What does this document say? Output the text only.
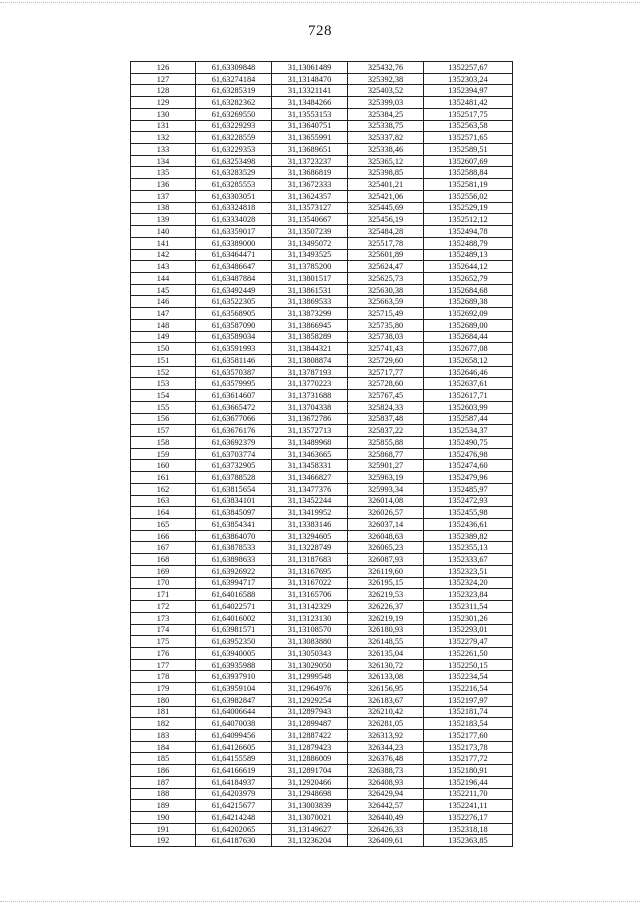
728
126	61,63309848	31,13061489	325432,76	1352257,67
127	61,63274184	31,13148470	325392,38	1352303,24
128	61,63285319	31,13321141	325403,52	1352394,97
129	61,63282362	31,13484266	325399,03	1352481,42
130	61,63269550	31,13553153	325384,25	1352517,75
131	61,63229293	31,13640751	325338,75	1352563,58
132	61,63228559	31,13655991	325337,82	1352571,65
133	61,63229353	31,13689651	325338,46	1352589,51
134	61,63253498	31,13723237	325365,12	1352607,69
135	61,63283529	31,13686819	325398,85	1352588,84
136	61,63285553	31,13672333	325401,21	1352581,19
137	61,63303051	31,13624357	325421,06	1352556,02
138	61,63324818	31,13573127	325445,69	1352529,19
139	61,63334028	31,13540667	325456,19	1352512,12
140	61,63359017	31,13507239	325484,28	1352494,78
141	61,63389000	31,13495072	325517,78	1352488,79
142	61,63464471	31,13493525	325601,89	1352489,13
143	61,63486647	31,13785200	325624,47	1352644,12
144	61,63487884	31,13801517	325625,73	1352652,79
145	61,63492449	31,13861531	325630,38	1352684,68
146	61,63522305	31,13869533	325663,59	1352689,38
147	61,63568905	31,13873299	325715,49	1352692,09
148	61,63587090	31,13866945	325735,80	1352689,00
149	61,63589034	31,13858289	325738,03	1352684,44
150	61,63591993	31,13844321	325741,43	1352677,08
151	61,63581146	31,13808874	325729,60	1352658,12
152	61,63570387	31,13787193	325717,77	1352646,46
153	61,63579995	31,13770223	325728,60	1352637,61
154	61,63614607	31,13731688	325767,45	1352617,71
155	61,63665472	31,13704338	325824,33	1352603,99
156	61,63677066	31,13672786	325837,48	1352587,44
157	61,63676176	31,13572713	325837,22	1352534,37
158	61,63692379	31,13489968	325855,88	1352490,75
159	61,63703774	31,13463665	325868,77	1352476,98
160	61,63732905	31,13458331	325901,27	1352474,60
161	61,63788528	31,13466827	325963,19	1352479,96
162	61,63815654	31,13477376	325993,34	1352485,97
163	61,63834101	31,13452244	326014,08	1352472,93
164	61,63845097	31,13419952	326026,57	1352455,98
165	61,63854341	31,13383146	326037,14	1352436,61
166	61,63864070	31,13294605	326048,63	1352389,82
167	61,63878533	31,13228749	326065,23	1352355,13
168	61,63898633	31,13187683	326087,93	1352333,67
169	61,63926922	31,13167695	326119,60	1352323,51
170	61,63994717	31,13167022	326195,15	1352324,20
171	61,64016588	31,13165706	326219,53	1352323,84
172	61,64022571	31,13142329	326226,37	1352311,54
173	61,64016002	31,13123130	326219,19	1352301,26
174	61,63981571	31,13108570	326180,93	1352293,01
175	61,63952350	31,13083880	326148,55	1352279,47
176	61,63940005	31,13050343	326135,04	1352261,50
177	61,63935988	31,13029050	326130,72	1352250,15
178	61,63937910	31,12999548	326133,08	1352234,54
179	61,63959104	31,12964976	326156,95	1352216,54
180	61,63982847	31,12929254	326183,67	1352197,97
181	61,64006644	31,12897943	326210,42	1352181,74
182	61,64070038	31,12899487	326281,05	1352183,54
183	61,64099456	31,12887422	326313,92	1352177,60
184	61,64126605	31,12879423	326344,23	1352173,78
185	61,64155589	31,12886009	326376,48	1352177,72
186	61,64166619	31,12891704	326388,73	1352180,91
187	61,64184937	31,12920466	326408,93	1352196,44
188	61,64203979	31,12948698	326429,94	1352211,70
189	61,64215677	31,13003839	326442,57	1352241,11
190	61,64214248	31,13070021	326440,49	1352276,17
191	61,64202065	31,13149627	326426,33	1352318,18
192	61,64187630	31,13236204	326409,61	1352363,85
